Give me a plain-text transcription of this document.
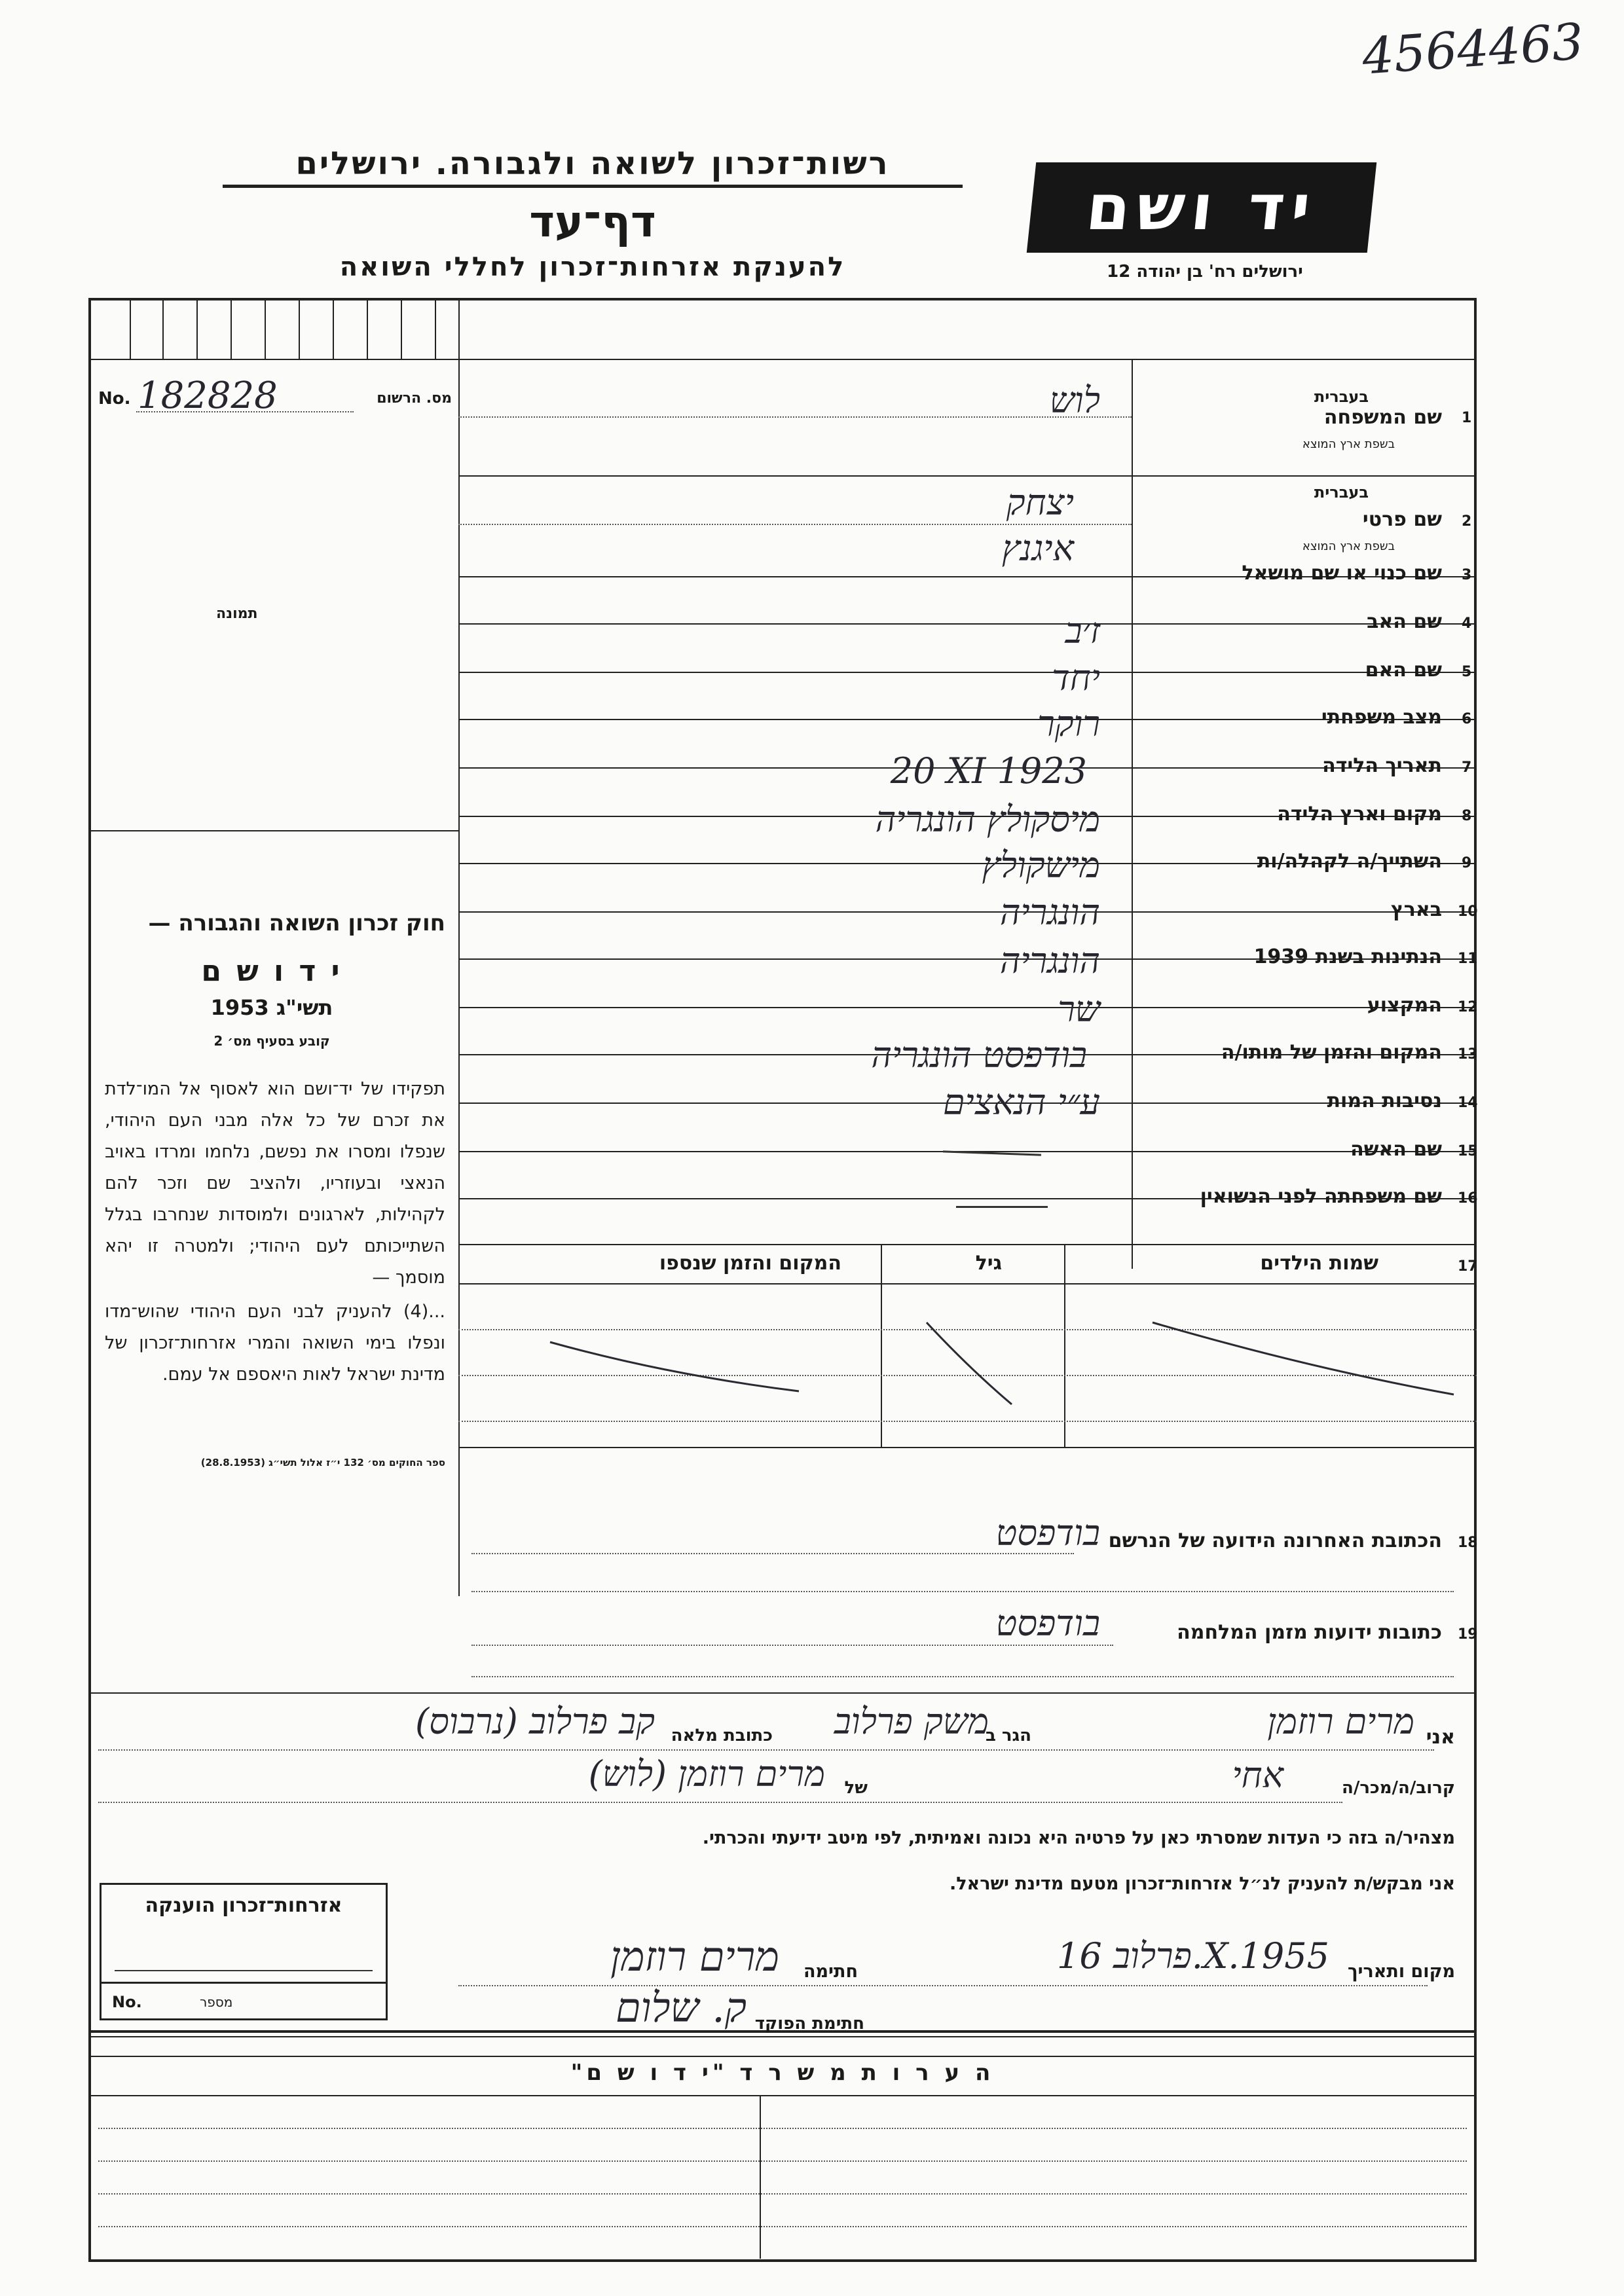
4564463
רשות־זכרון לשואה ולגבורה. ירושלים
דף־עד
להענקת אזרחות־זכרון לחללי השואה
יד ושם
ירושלים רח' בן יהודה 12
No. 182828	מס. הרשום
תמונה
חוק זכרון השואה והגבורה —
י ד ו ש ם
תשי"ג 1953
קובע בסעיף מס׳ 2
תפקידו של יד־ושם הוא לאסוף אל המו־לדת את זכרם של כל אלה מבני העם היהודי, שנפלו ומסרו את נפשם, נלחמו ומרדו באויב הנאצי ובעוזריו, ולהציב שם וזכר להם לקהילות, לארגונים ולמוסדות שנחרבו בגלל השתייכותם לעם היהודי; ולמטרה זו יהא מוסמך —
...(4) להעניק לבני העם היהודי שהוש־מדו ונפלו בימי השואה והמרי אזרחות־זכרון של מדינת ישראל לאות היאספם אל עמם.
ספר החוקים מס׳ 132 י״ז אלול תשי״ג (28.8.1953)
1
שם המשפחה
בעברית
בשפת ארץ המוצא
לוש
2
שם פרטי
בעברית
בשפת ארץ המוצא
יצחק
איגנץ
3
שם כנוי או שם מושאל
4
שם האב
ז׳ב
5
שם האם
יחד
6
מצב משפחתי
רוקר
7
תאריך הלידה
20 XI 1923
8
מקום וארץ הלידה
מיסקולץ הונגריה
9
השתייך/ה לקהלה/ות
מישקולץ
10
בארץ
הונגריה
11
הנתינות בשנת 1939
הונגריה
12
המקצוע
שר
13
המקום והזמן של מותו/ה
בודפסט הונגריה
14
נסיבות המות
ע״י הנאצים
15
שם האשה
16
שם משפחתה לפני הנשואין
17
שמות הילדים
גיל
המקום והזמן שנספו
18
הכתובת האחרונה הידועה של הנרשם
בודפסט
19
כתובות ידועות מזמן המלחמה
בודפסט
אני
מרים רוזמן
הגר ב
משק פרלוב
כתובת מלאה
קב פרלוב (נרבוס)
קרוב/ה/מכר/ה
אחי
של
מרים רוזמן (לוש)
מצהיר/ה בזה כי העדות שמסרתי כאן על פרטיה היא נכונה ואמיתית, לפי מיטב ידיעתי והכרתי.
אני מבקש/ת להעניק לנ״ל אזרחות־זכרון מטעם מדינת ישראל.
מקום ותאריך
פרלוב 16.X.1955
חתימה
מרים רוזמן
חתימת הפוקד
ק. שלום
אזרחות־זכרון הוענקה
No.	מספר
ה ע ר ו ת מ ש ר ד "י ד ו ש ם"
